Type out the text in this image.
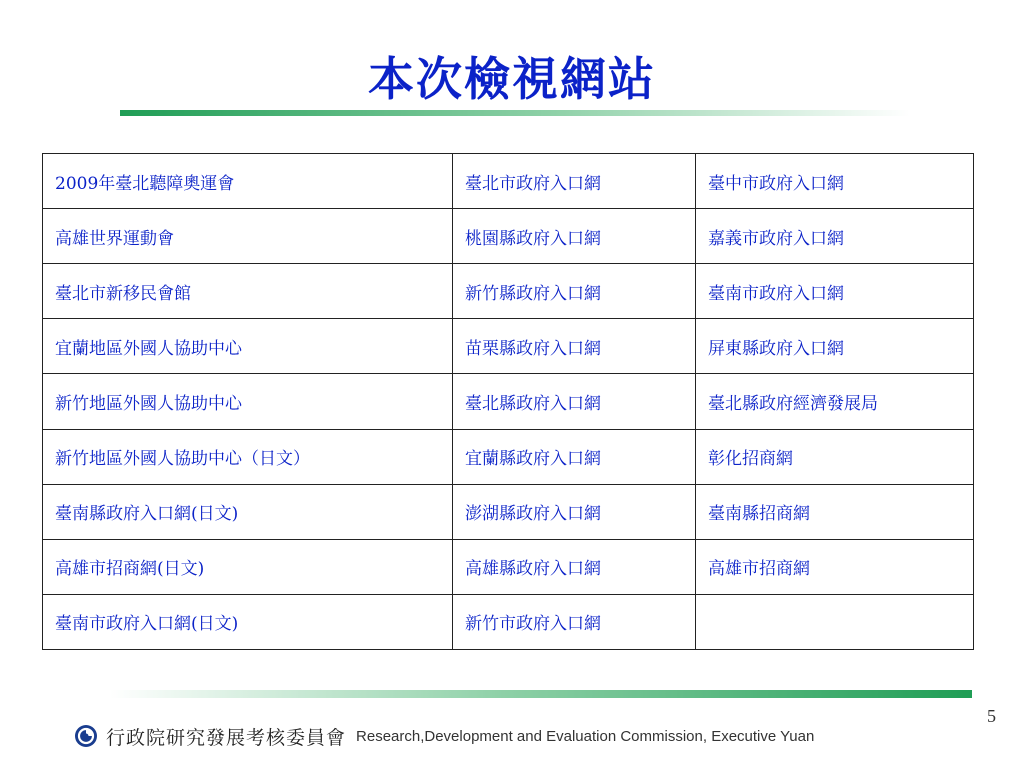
本次檢視網站
2009年臺北聽障奧運會	臺北市政府入口網	臺中市政府入口網
高雄世界運動會	桃園縣政府入口網	嘉義市政府入口網
臺北市新移民會館	新竹縣政府入口網	臺南市政府入口網
宜蘭地區外國人協助中心	苗栗縣政府入口網	屏東縣政府入口網
新竹地區外國人協助中心	臺北縣政府入口網	臺北縣政府經濟發展局
新竹地區外國人協助中心（日文）	宜蘭縣政府入口網	彰化招商網
臺南縣政府入口網(日文)	澎湖縣政府入口網	臺南縣招商網
高雄市招商網(日文)	高雄縣政府入口網	高雄市招商網
臺南市政府入口網(日文)	新竹市政府入口網	
5
行政院研究發展考核委員會 Research,Development and Evaluation Commission, Executive Yuan
